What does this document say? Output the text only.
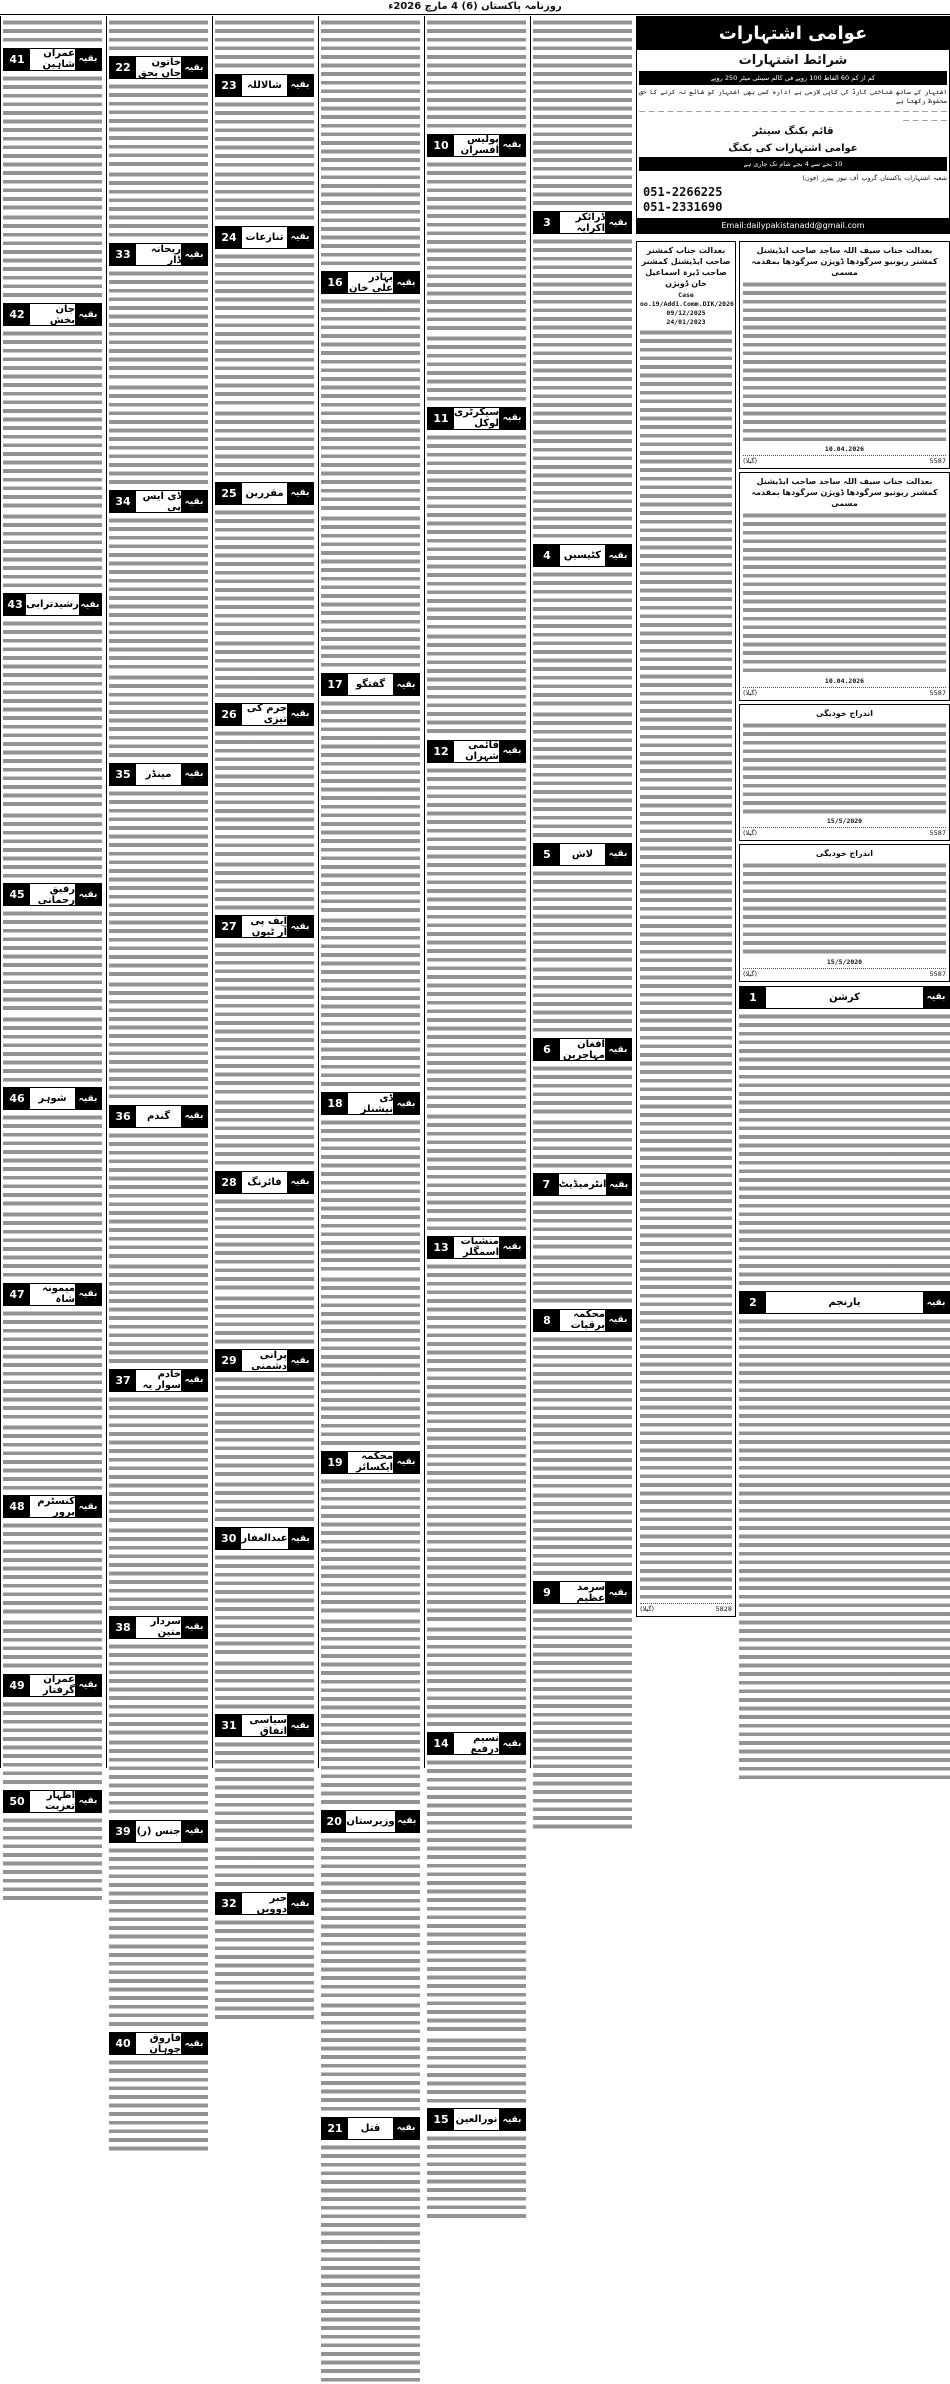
روزنامہ پاکستان (6) 4 مارچ 2026ء
بقیہ
عمران شاہین
41
بقیہ
جان بخش
42
بقیہ
رشیدترابی
43
بقیہ
رفیق رحمانی
45
بقیہ
شوہر
46
بقیہ
میمونہ شاہ
47
بقیہ
کنسٹرم پرور
48
بقیہ
عمران گرفتار
49
بقیہ
اظہار تعزیت
50
بقیہ
خاتون جاں بحق
22
بقیہ
ریحانہ ڈار
33
بقیہ
ڈی ایس پی
34
بقیہ
مینڈر
35
بقیہ
گندم
36
بقیہ
خادم سوار یہ
37
بقیہ
سردار متین
38
بقیہ
جنس (ر)
39
بقیہ
فاروق چوہان
40
بقیہ
شالاللہ
23
بقیہ
تنازعات
24
بقیہ
مقررین
25
بقیہ
جرم کی تیزی
26
بقیہ
ایف پی آر ٹیوں
27
بقیہ
فائرنگ
28
بقیہ
پرانی دشمنی
29
بقیہ
عبدالغفار
30
بقیہ
سیاسی اتفاق
31
بقیہ
جبر دوویں
32
بقیہ
بہادر علی خان
16
بقیہ
گفتگو
17
بقیہ
ڈی نیشنلز
18
بقیہ
محکمہ ایکسائز
19
بقیہ
وزیرستان
20
بقیہ
قتل
21
بقیہ
پولیس افسران
10
بقیہ
سیکرٹری لوکل
11
بقیہ
قائمی شہزان
12
بقیہ
منشیات اسمگلر
13
بقیہ
نسیم درفیع
14
بقیہ
نورالعین
15
بقیہ
ڈرائکر اکرایہ
3
بقیہ
کٹیسیں
4
بقیہ
لاش
5
بقیہ
افغان مہاجرین
6
بقیہ
انٹرمیڈیٹ
7
بقیہ
محکمہ برقیات
8
بقیہ
سرمد عظیم
9
عوامی اشتہارات
شرائط اشتہارات
کم از کم 60 الفاظ 100 روپے فی کالم سینٹی میٹر 250 روپے
اشتہار کے ساتھ شناختی کارڈ کی کاپی لازمی ہے ادارہ کسی بھی اشتہار کو شائع نہ کرنے کا حق محفوظ رکھتا ہے
— — — — — — — — — — — — — — — — — — — — — — — — — — — — — — — — — — — — — —
قائم بکنگ سینٹر
عوامی اشتہارات کی بکنگ
10 بجے سے 4 بجے شام تک جاری ہے
شعبہ اشتہارات پاکستان گروپ آف نیوز پیپرز (فون)
051-2266225
051-2331690
Email:dailypakistanadd@gmail.com
بعدالت جناب کمشنر صاحب ایڈیشنل کمشنر صاحب ڈیرہ اسماعیل خان ڈویژن
Case
no.19/Addi.Comm.DIK/2026
09/12/2025
24/01/2023
5828
(گیلا)
بعدالت جناب سیف اللہ ساجد صاحب ایڈیشنل کمشنر ریونیو سرگودھا ڈویژن سرگودھا بمقدمہ مسمی
10.04.2026
5587
(گیلا)
بعدالت جناب سیف اللہ ساجد صاحب ایڈیشنل کمشنر ریونیو سرگودھا ڈویژن سرگودھا بمقدمہ مسمی
10.04.2026
5587
(گیلا)
اندراج خودیگی
15/5/2020
5587
(گیلا)
اندراج خودیگی
15/5/2020
5587
(گیلا)
بقیہ
کرشن
1
بقیہ
یارنجم
2
